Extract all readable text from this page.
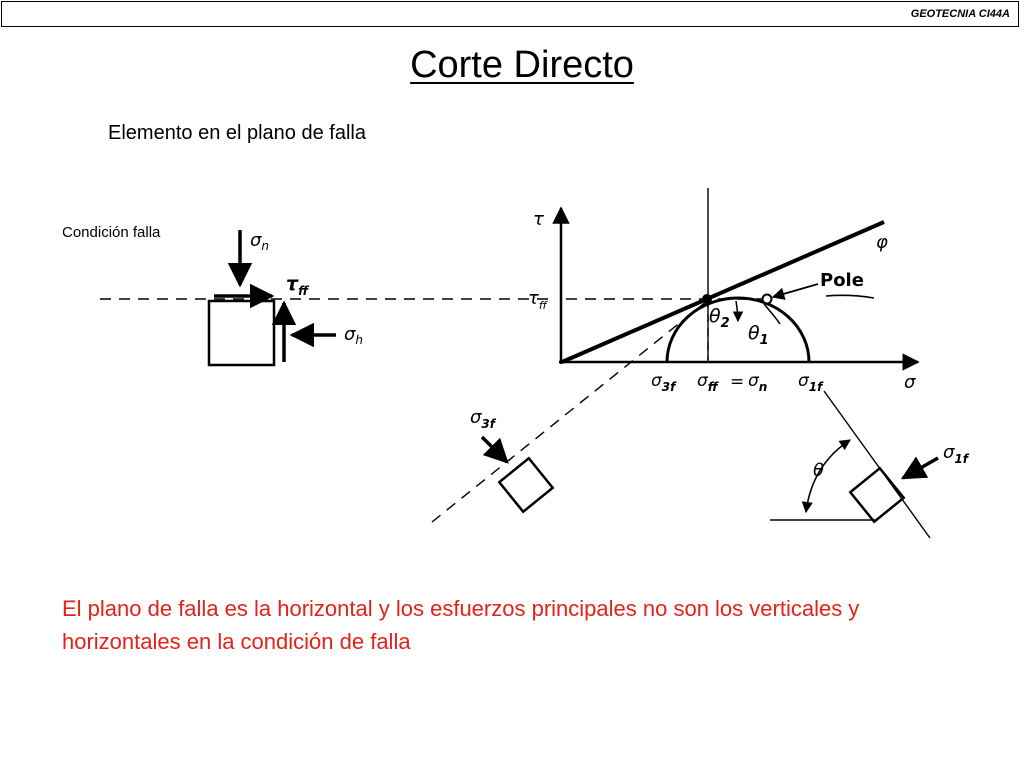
GEOTECNIA CI44A
Corte Directo
Elemento en el plano de falla
Condición falla	$\sigma_n$
$\tau_{ff}$
$\sigma_h$
τ
σ
$\tau_{ff}$
φ
Pole
$\theta_2$ $\theta_1$
$\sigma_{3f}$ $\sigma_{ff} = \sigma_n$ $\sigma_{1f}$
$\sigma_{3f}$
θ
$\sigma_{1f}$
El plano de falla es la horizontal y los esfuerzos principales no son los verticales y horizontales en la condición de falla
